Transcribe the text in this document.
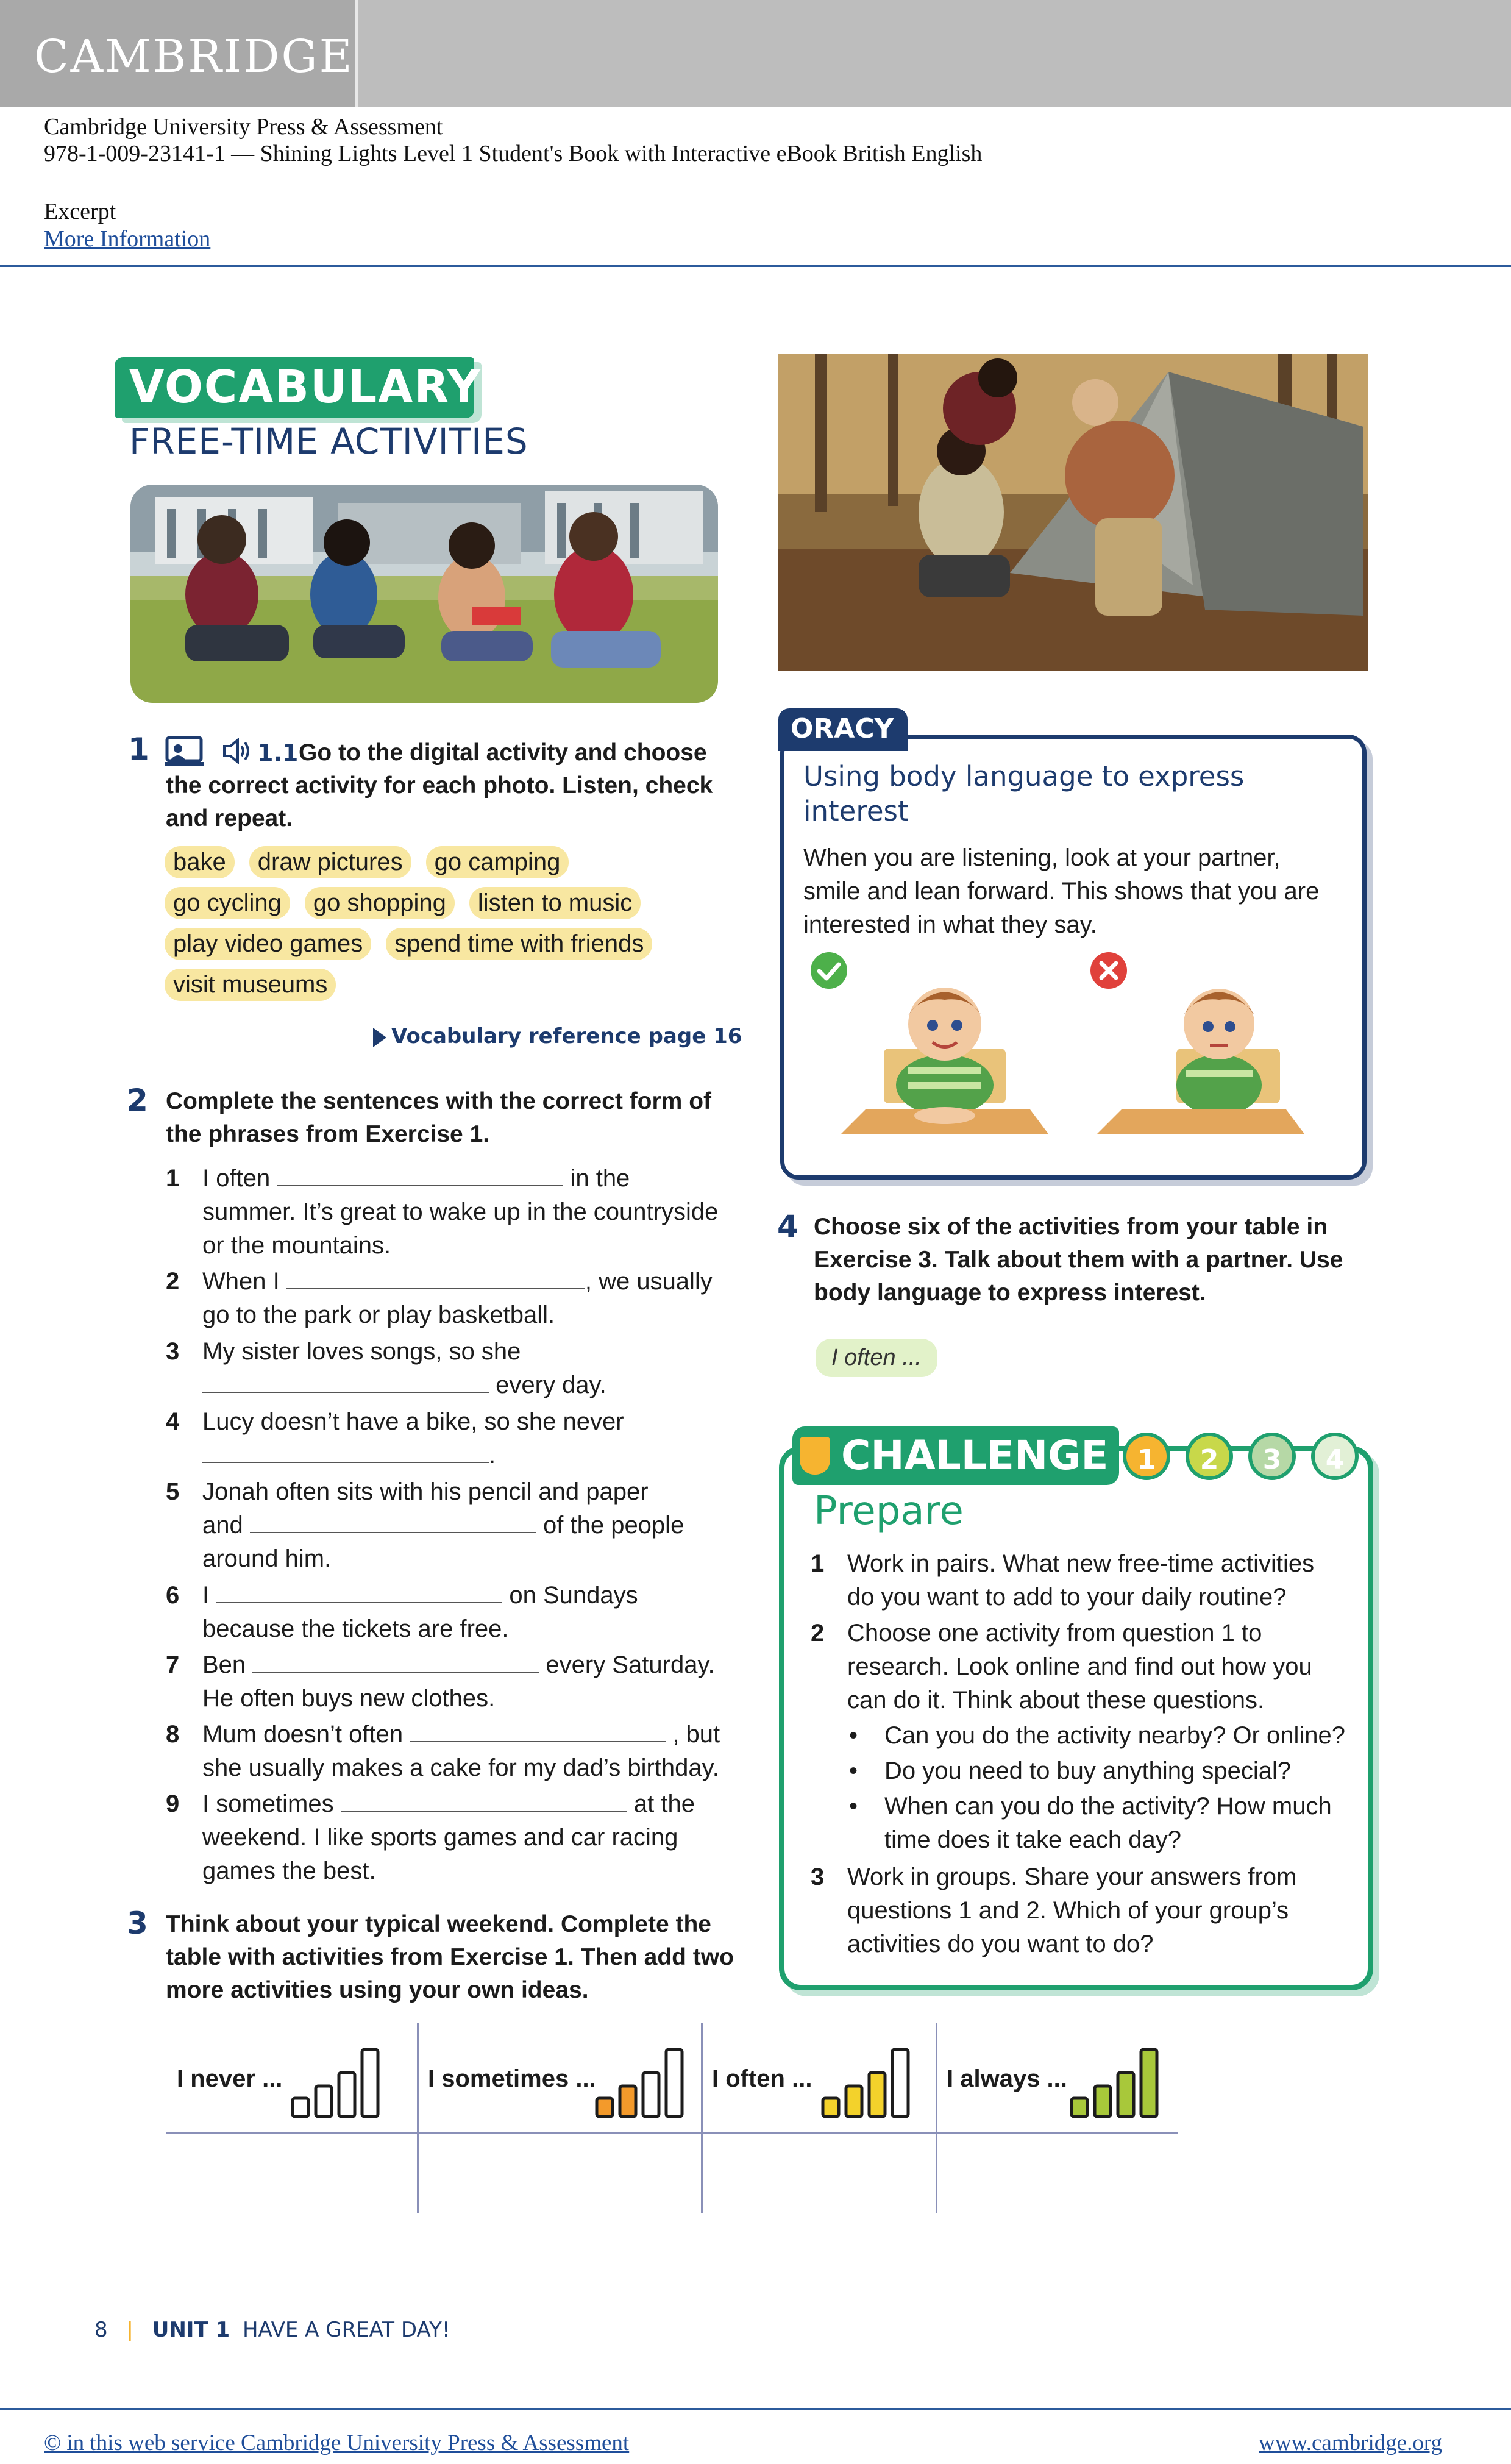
CAMBRIDGE
Cambridge University Press & Assessment
978-1-009-23141-1 — Shining Lights Level 1 Student's Book with Interactive eBook British English
Excerpt
More Information
VOCABULARY
FREE-TIME ACTIVITIES
1	1.1 Go to the digital activity and choose
the correct activity for each photo. Listen, check
and repeat.
bake draw pictures go camping
go cycling go shopping listen to music
play video games spend time with friends
visit museums
Vocabulary reference page 16
2 Complete the sentences with the correct form of
the phrases from Exercise 1.
1 I often	in the
summer. It’s great to wake up in the countryside
or the mountains.
2 When I	, we usually
go to the park or play basketball.
3 My sister loves songs, so she
every day.
4 Lucy doesn’t have a bike, so she never
.
5 Jonah often sits with his pencil and paper
and	of the people
around him.
6 I	on Sundays
because the tickets are free.
7 Ben	every Saturday.
He often buys new clothes.
8 Mum doesn’t often	, but
she usually makes a cake for my dad’s birthday.
9 I sometimes	at the
weekend. I like sports games and car racing
games the best.
3 Think about your typical weekend. Complete the
table with activities from Exercise 1. Then add two
more activities using your own ideas.
I never ...	I sometimes ...	I often ...	I always ...
ORACY
Using body language to express interest
When you are listening, look at your partner,
smile and lean forward. This shows that you are
interested in what they say.
4 Choose six of the activities from your table in
Exercise 3. Talk about them with a partner. Use
body language to express interest.
I often ...
CHALLENGE	1	2	3	4
Prepare
1 Work in pairs. What new free-time activities
do you want to add to your daily routine?
2 Choose one activity from question 1 to
research. Look online and find out how you
can do it. Think about these questions.
• Can you do the activity nearby? Or online?
• Do you need to buy anything special?
• When can you do the activity? How much
time does it take each day?
3 Work in groups. Share your answers from
questions 1 and 2. Which of your group’s
activities do you want to do?
8 | UNIT 1 HAVE A GREAT DAY!
© in this web service Cambridge University Press & Assessment	www.cambridge.org
